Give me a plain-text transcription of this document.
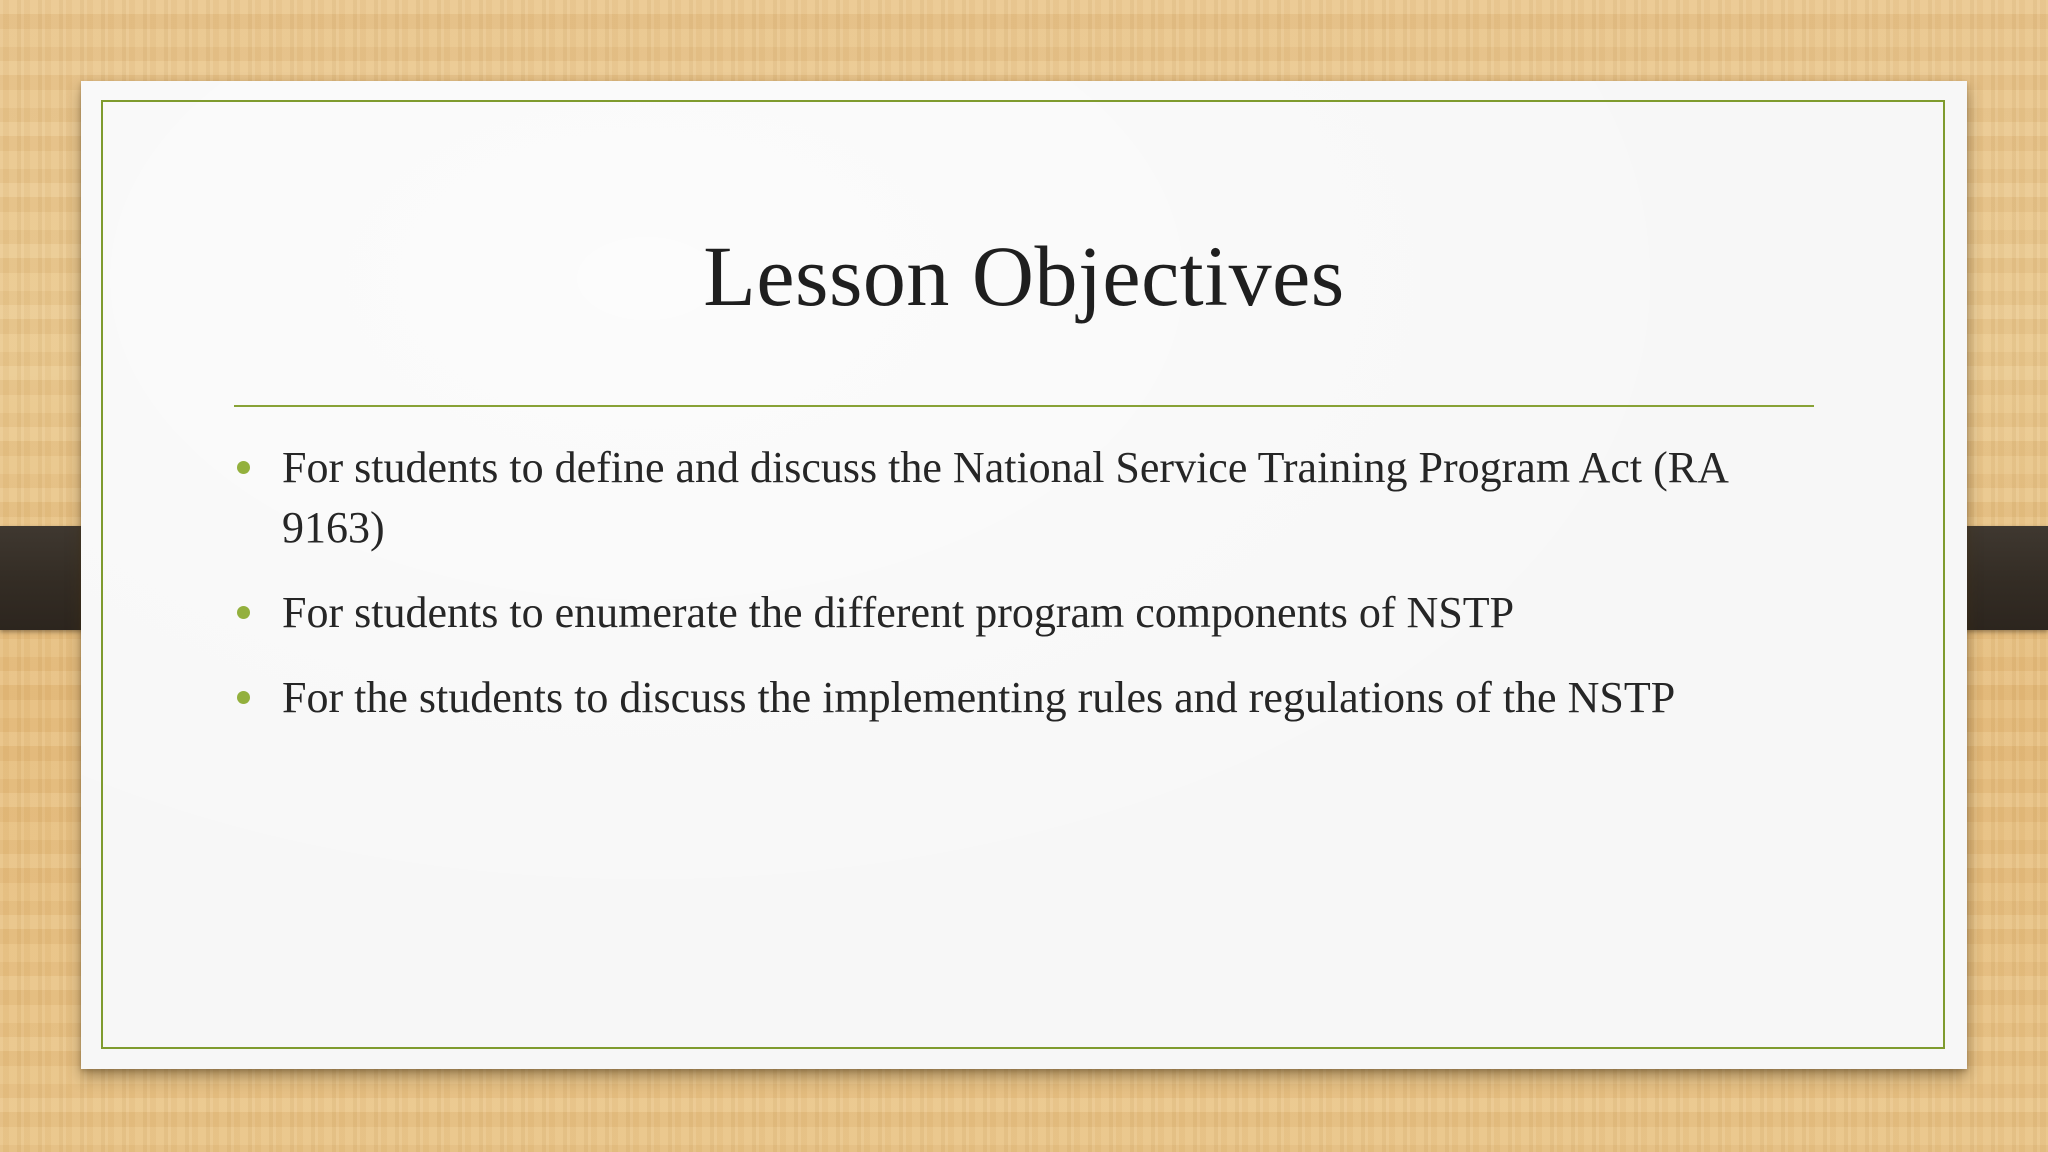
Lesson Objectives
For students to define and discuss the National Service Training Program Act (RA 9163)
For students to enumerate the different program components of NSTP
For the students to discuss the implementing rules and regulations of the NSTP
